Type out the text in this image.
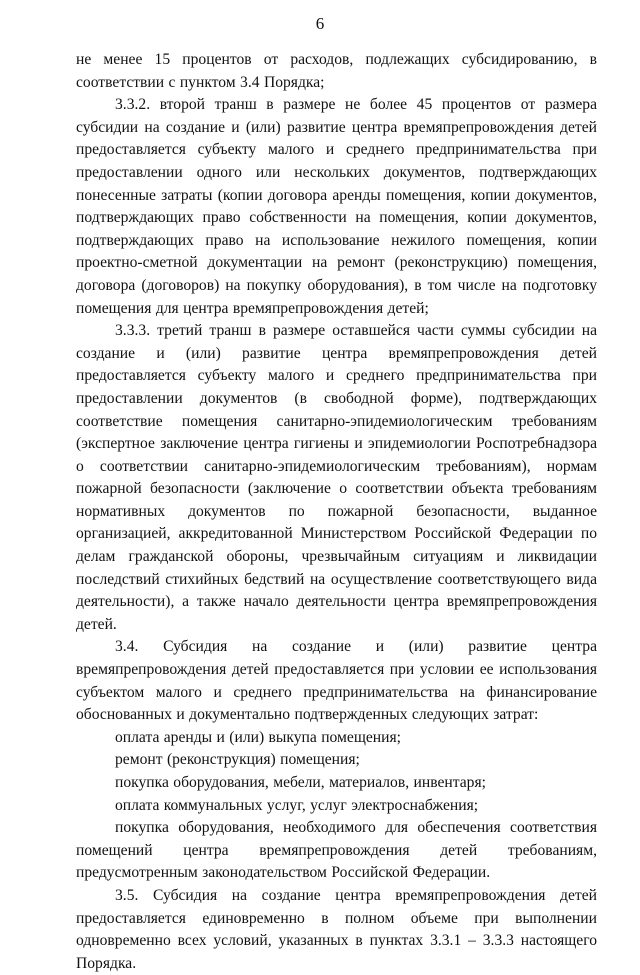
6

не менее 15 процентов от расходов, подлежащих субсидированию, в соответствии с пунктом 3.4 Порядка;

3.3.2. второй транш в размере не более 45 процентов от размера субсидии на создание и (или) развитие центра времяпрепровождения детей предоставляется субъекту малого и среднего предпринимательства при предоставлении одного или нескольких документов, подтверждающих понесенные затраты (копии договора аренды помещения, копии документов, подтверждающих право собственности на помещения, копии документов, подтверждающих право на использование нежилого помещения, копии проектно-сметной документации на ремонт (реконструкцию) помещения, договора (договоров) на покупку оборудования), в том числе на подготовку помещения для центра времяпрепровождения детей;

3.3.3. третий транш в размере оставшейся части суммы субсидии на создание и (или) развитие центра времяпрепровождения детей предоставляется субъекту малого и среднего предпринимательства при предоставлении документов (в свободной форме), подтверждающих соответствие помещения санитарно-эпидемиологическим требованиям (экспертное заключение центра гигиены и эпидемиологии Роспотребнадзора о соответствии санитарно-эпидемиологическим требованиям), нормам пожарной безопасности (заключение о соответствии объекта требованиям нормативных документов по пожарной безопасности, выданное организацией, аккредитованной Министерством Российской Федерации по делам гражданской обороны, чрезвычайным ситуациям и ликвидации последствий стихийных бедствий на осуществление соответствующего вида деятельности), а также начало деятельности центра времяпрепровождения детей.

3.4. Субсидия на создание и (или) развитие центра времяпрепровождения детей предоставляется при условии ее использования субъектом малого и среднего предпринимательства на финансирование обоснованных и документально подтвержденных следующих затрат:

оплата аренды и (или) выкупа помещения;

ремонт (реконструкция) помещения;

покупка оборудования, мебели, материалов, инвентаря;

оплата коммунальных услуг, услуг электроснабжения;

покупка оборудования, необходимого для обеспечения соответствия помещений центра времяпрепровождения детей требованиям, предусмотренным законодательством Российской Федерации.

3.5. Субсидия на создание центра времяпрепровождения детей предоставляется единовременно в полном объеме при выполнении одновременно всех условий, указанных в пунктах 3.3.1 – 3.3.3 настоящего Порядка.
